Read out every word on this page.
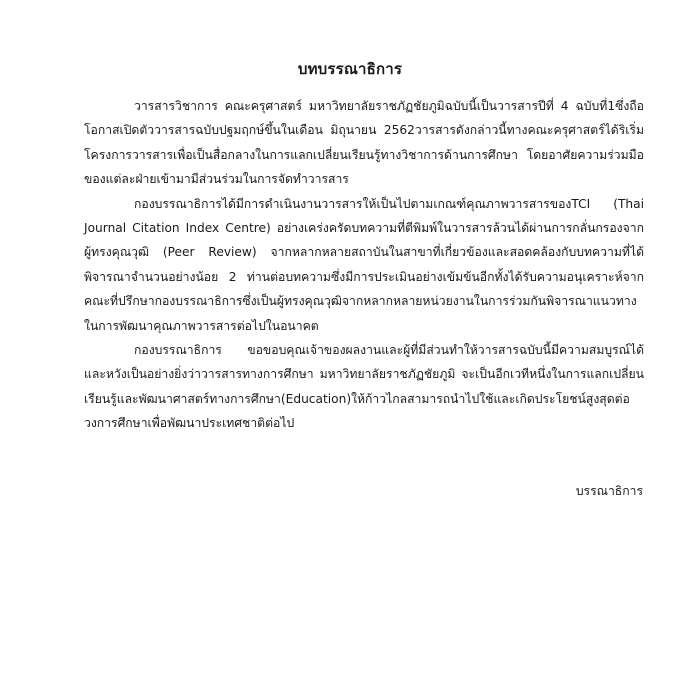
บทบรรณาธิการ

วารสารวิชาการ คณะครุศาสตร์ มหาวิทยาลัยราชภัฏชัยภูมิฉบับนี้เป็นวารสารปีที่ 4 ฉบับที่1ซึ่งถือโอกาสเปิดตัววารสารฉบับปฐมฤกษ์ขึ้นในเดือน มิถุนายน 2562วารสารดังกล่าวนี้ทางคณะครุศาสตร์ได้ริเริ่มโครงการวารสารเพื่อเป็นสื่อกลางในการแลกเปลี่ยนเรียนรู้ทางวิชาการด้านการศึกษา โดยอาศัยความร่วมมือของแต่ละฝ่ายเข้ามามีส่วนร่วมในการจัดทำวารสาร

กองบรรณาธิการได้มีการดำเนินงานวารสารให้เป็นไปตามเกณฑ์คุณภาพวารสารของTCI (Thai Journal Citation Index Centre) อย่างเคร่งครัดบทความที่ตีพิมพ์ในวารสารล้วนได้ผ่านการกลั่นกรองจากผู้ทรงคุณวุฒิ (Peer Review) จากหลากหลายสถาบันในสาขาที่เกี่ยวข้องและสอดคล้องกับบทความที่ได้พิจารณาจำนวนอย่างน้อย 2 ท่านต่อบทความซึ่งมีการประเมินอย่างเข้มข้นอีกทั้งได้รับความอนุเคราะห์จากคณะที่ปรึกษากองบรรณาธิการซึ่งเป็นผู้ทรงคุณวุฒิจากหลากหลายหน่วยงานในการร่วมกันพิจารณาแนวทางในการพัฒนาคุณภาพวารสารต่อไปในอนาคต

กองบรรณาธิการ ขอขอบคุณเจ้าของผลงานและผู้ที่มีส่วนทำให้วารสารฉบับนี้มีความสมบูรณ์ได้และหวังเป็นอย่างยิ่งว่าวารสารทางการศึกษา มหาวิทยาลัยราชภัฏชัยภูมิ จะเป็นอีกเวทีหนึ่งในการแลกเปลี่ยนเรียนรู้และพัฒนาศาสตร์ทางการศึกษา(Education)ให้ก้าวไกลสามารถนำไปใช้และเกิดประโยชน์สูงสุดต่อวงการศึกษาเพื่อพัฒนาประเทศชาติต่อไป

บรรณาธิการ
